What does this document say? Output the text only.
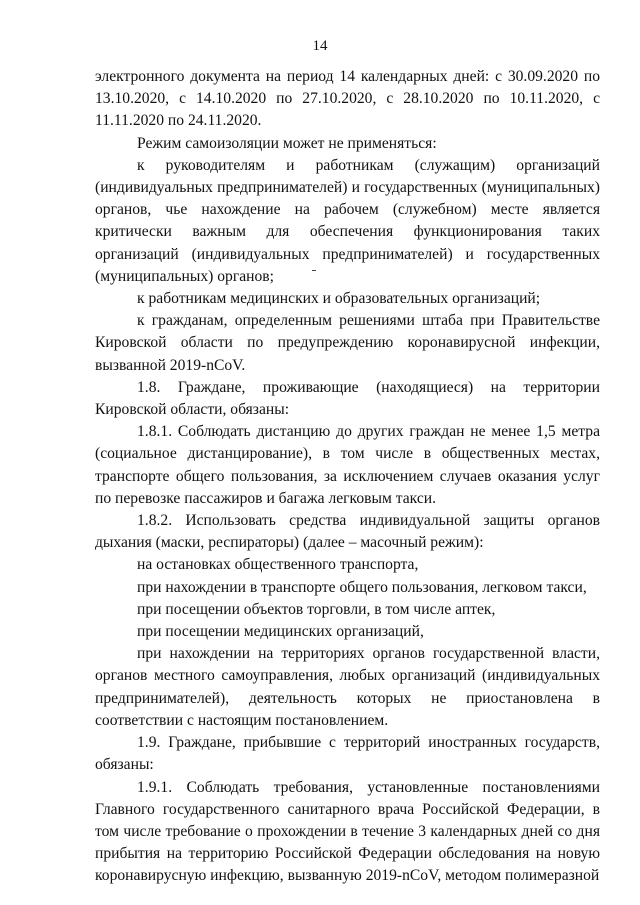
14

электронного документа на период 14 календарных дней: с 30.09.2020 по 13.10.2020, с 14.10.2020 по 27.10.2020, с 28.10.2020 по 10.11.2020, с 11.11.2020 по 24.11.2020.

Режим самоизоляции может не применяться:

к руководителям и работникам (служащим) организаций (индивидуальных предпринимателей) и государственных (муниципальных) органов, чье нахождение на рабочем (служебном) месте является критически важным для обеспечения функционирования таких организаций (индивидуальных предпринимателей) и государственных (муниципальных) органов;

к работникам медицинских и образовательных организаций;

к гражданам, определенным решениями штаба при Правительстве Кировской области по предупреждению коронавирусной инфекции, вызванной 2019-nCoV.

1.8. Граждане, проживающие (находящиеся) на территории Кировской области, обязаны:

1.8.1. Соблюдать дистанцию до других граждан не менее 1,5 метра (социальное дистанцирование), в том числе в общественных местах, транспорте общего пользования, за исключением случаев оказания услуг по перевозке пассажиров и багажа легковым такси.

1.8.2. Использовать средства индивидуальной защиты органов дыхания (маски, респираторы) (далее – масочный режим):

на остановках общественного транспорта,

при нахождении в транспорте общего пользования, легковом такси,

при посещении объектов торговли, в том числе аптек,

при посещении медицинских организаций,

при нахождении на территориях органов государственной власти, органов местного самоуправления, любых организаций (индивидуальных предпринимателей), деятельность которых не приостановлена в соответствии с настоящим постановлением.

1.9. Граждане, прибывшие с территорий иностранных государств, обязаны:

1.9.1. Соблюдать требования, установленные постановлениями Главного государственного санитарного врача Российской Федерации, в том числе требование о прохождении в течение 3 календарных дней со дня прибытия на территорию Российской Федерации обследования на новую коронавирусную инфекцию, вызванную 2019-nCoV, методом полимеразной
